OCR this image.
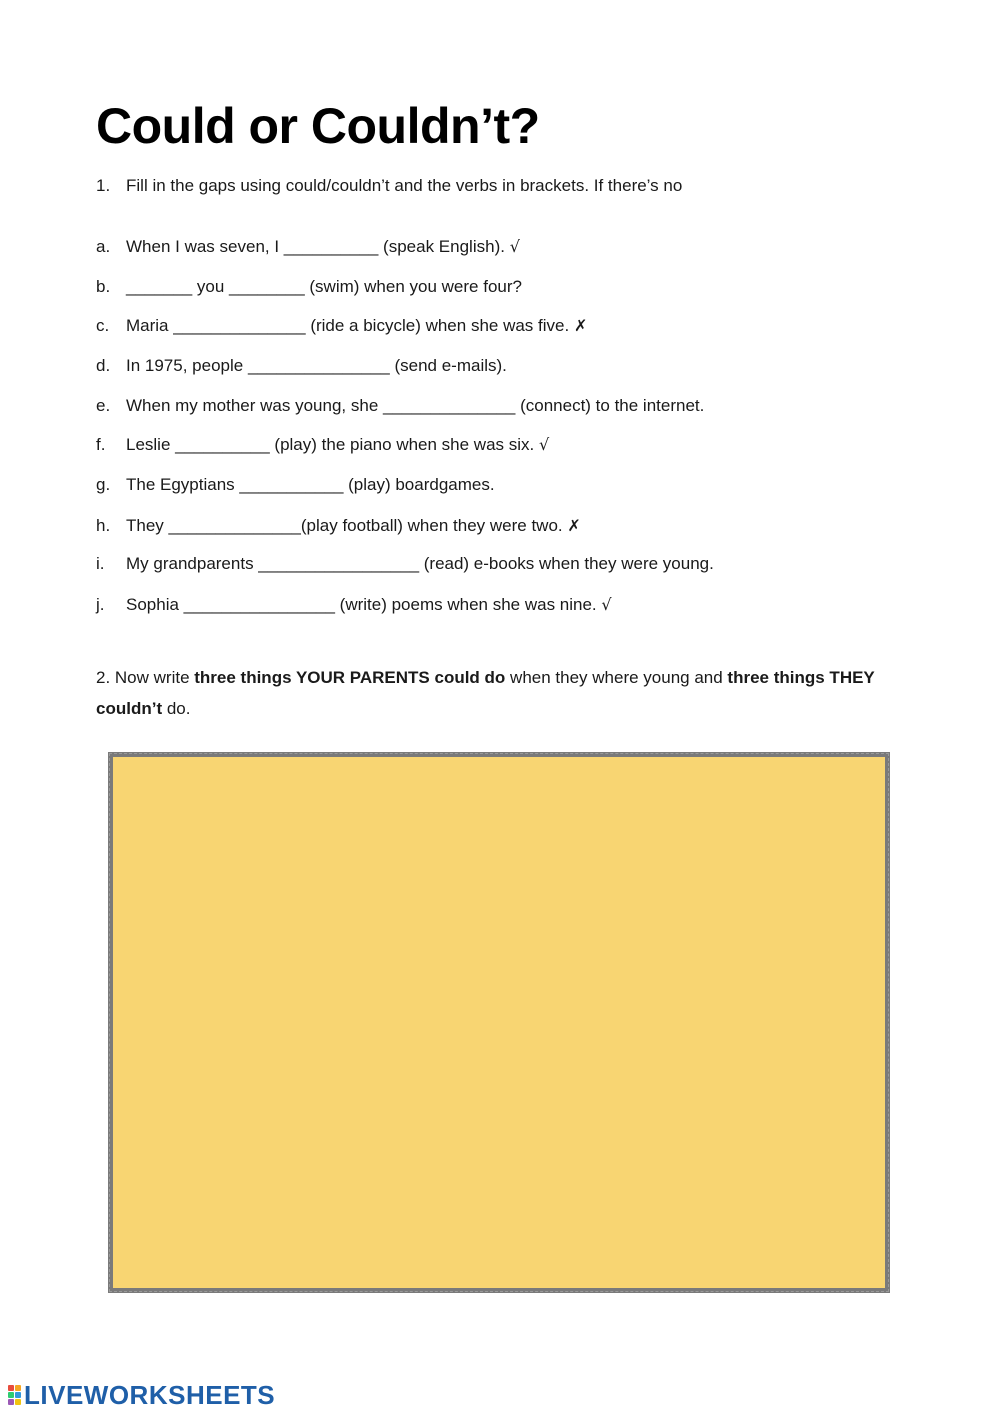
Could or Couldn’t?
1. Fill in the gaps using could/couldn’t and the verbs in brackets. If there’s no
a. When I was seven, I __________ (speak English). √
b. _______ you ________ (swim) when you were four?
c. Maria ______________ (ride a bicycle) when she was five. ✗
d. In 1975, people _______________ (send e-mails).
e. When my mother was young, she ______________ (connect) to the internet.
f. Leslie __________ (play) the piano when she was six. √
g. The Egyptians ___________ (play) boardgames.
h. They ______________(play football) when they were two. ✗
i. My grandparents _________________ (read) e-books when they were young.
j. Sophia ________________ (write) poems when she was nine. √
2. Now write three things YOUR PARENTS could do when they where young and three things THEY couldn’t do.
LIVEWORKSHEETS
